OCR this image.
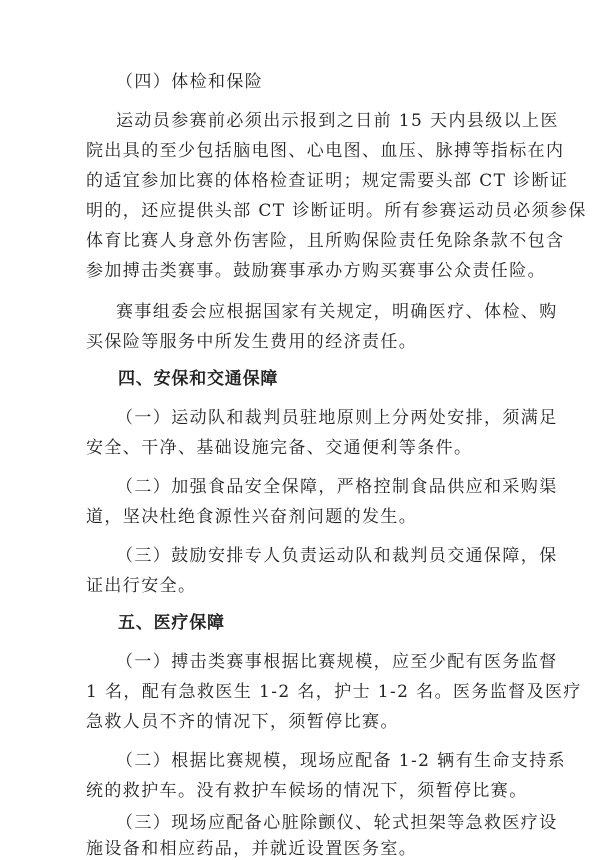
（四）体检和保险
运动员参赛前必须出示报到之日前 15 天内县级以上医
院出具的至少包括脑电图、心电图、血压、脉搏等指标在内
的适宜参加比赛的体格检查证明；规定需要头部 CT 诊断证
明的，还应提供头部 CT 诊断证明。所有参赛运动员必须参保
体育比赛人身意外伤害险，且所购保险责任免除条款不包含
参加搏击类赛事。鼓励赛事承办方购买赛事公众责任险。
赛事组委会应根据国家有关规定，明确医疗、体检、购
买保险等服务中所发生费用的经济责任。
四、安保和交通保障
（一）运动队和裁判员驻地原则上分两处安排，须满足
安全、干净、基础设施完备、交通便利等条件。
（二）加强食品安全保障，严格控制食品供应和采购渠
道，坚决杜绝食源性兴奋剂问题的发生。
（三）鼓励安排专人负责运动队和裁判员交通保障，保
证出行安全。
五、医疗保障
（一）搏击类赛事根据比赛规模，应至少配有医务监督
1 名，配有急救医生 1-2 名，护士 1-2 名。医务监督及医疗
急救人员不齐的情况下，须暂停比赛。
（二）根据比赛规模，现场应配备 1-2 辆有生命支持系
统的救护车。没有救护车候场的情况下，须暂停比赛。
（三）现场应配备心脏除颤仪、轮式担架等急救医疗设
施设备和相应药品，并就近设置医务室。
